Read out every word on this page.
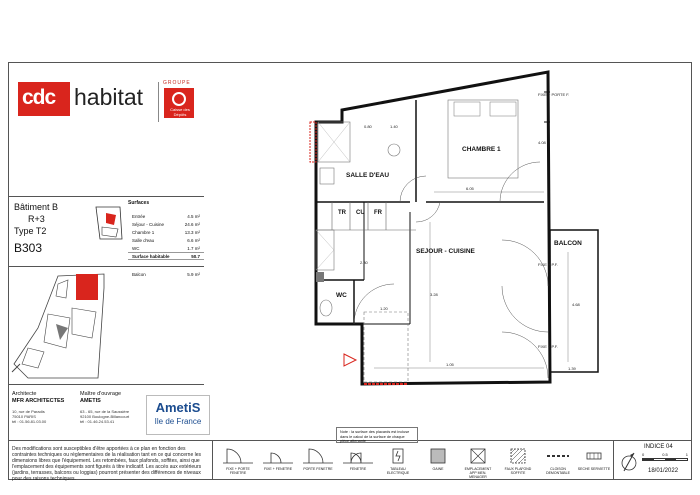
cdc habitat
GROUPE
Caisse des Dépôts
Bâtiment B
R+3
Type T2
B303
Surfaces
Entrée	4.5 m²
Séjour - Cuisine	24.6 m²
Chambre 1	13.3 m²
Salle d'eau	6.6 m²
WC	1.7 m²
Surface habitable	50.7
Balcon	5.9 m²
Architecte
MFR ARCHITECTES
10, rue de Paradis
75010 PARIS
tél : 01.56.81.03.00
Maître d'ouvrage
AMETIS
63 - 65, rue de la Saussière
92100 Boulogne-Billancourt
tél : 01.46.24.53.41
AmetiS
Ile de France
Des modifications sont susceptibles d'être apportées à ce plan en fonction des contraintes techniques ou réglementaires de la réalisation tant en ce qui concerne les dimensions libres que l'équipement. Les retombées, faux plafonds, soffites, ainsi que l'emplacement des équipements sont figurés à titre indicatif. Les accès aux extérieurs (jardins, terrasses, balcons ou loggias) pourront présenter des différences de niveaux pour des raisons techniques.
FIXE + PORTE FENETRE
FIXE + FENETRE	PORTE FENETRE	FENETRE	TABLEAU ELECTRIQUE
GAINE	EMPLACEMENT APP MEN. MENAGER
FAUX PLAFOND SOFFITE
CLOISON DEMONTABLE
SECHE SERVIETTE
INDICE 04
0	0.5	1
18/01/2022
CHAMBRE 1
SALLE D'EAU
SEJOUR - CUISINE
BALCON
WC
TR CU FR
0.80	1.40
6.05
2.80
1.20
1.05
1.39
4.68
3.28
4.08
FIXE + PORTE F.
FIXE + P.F.
FIXE + P.F.
Note : la surface des placards est incluse dans le calcul de la surface de chaque pièce attenante
